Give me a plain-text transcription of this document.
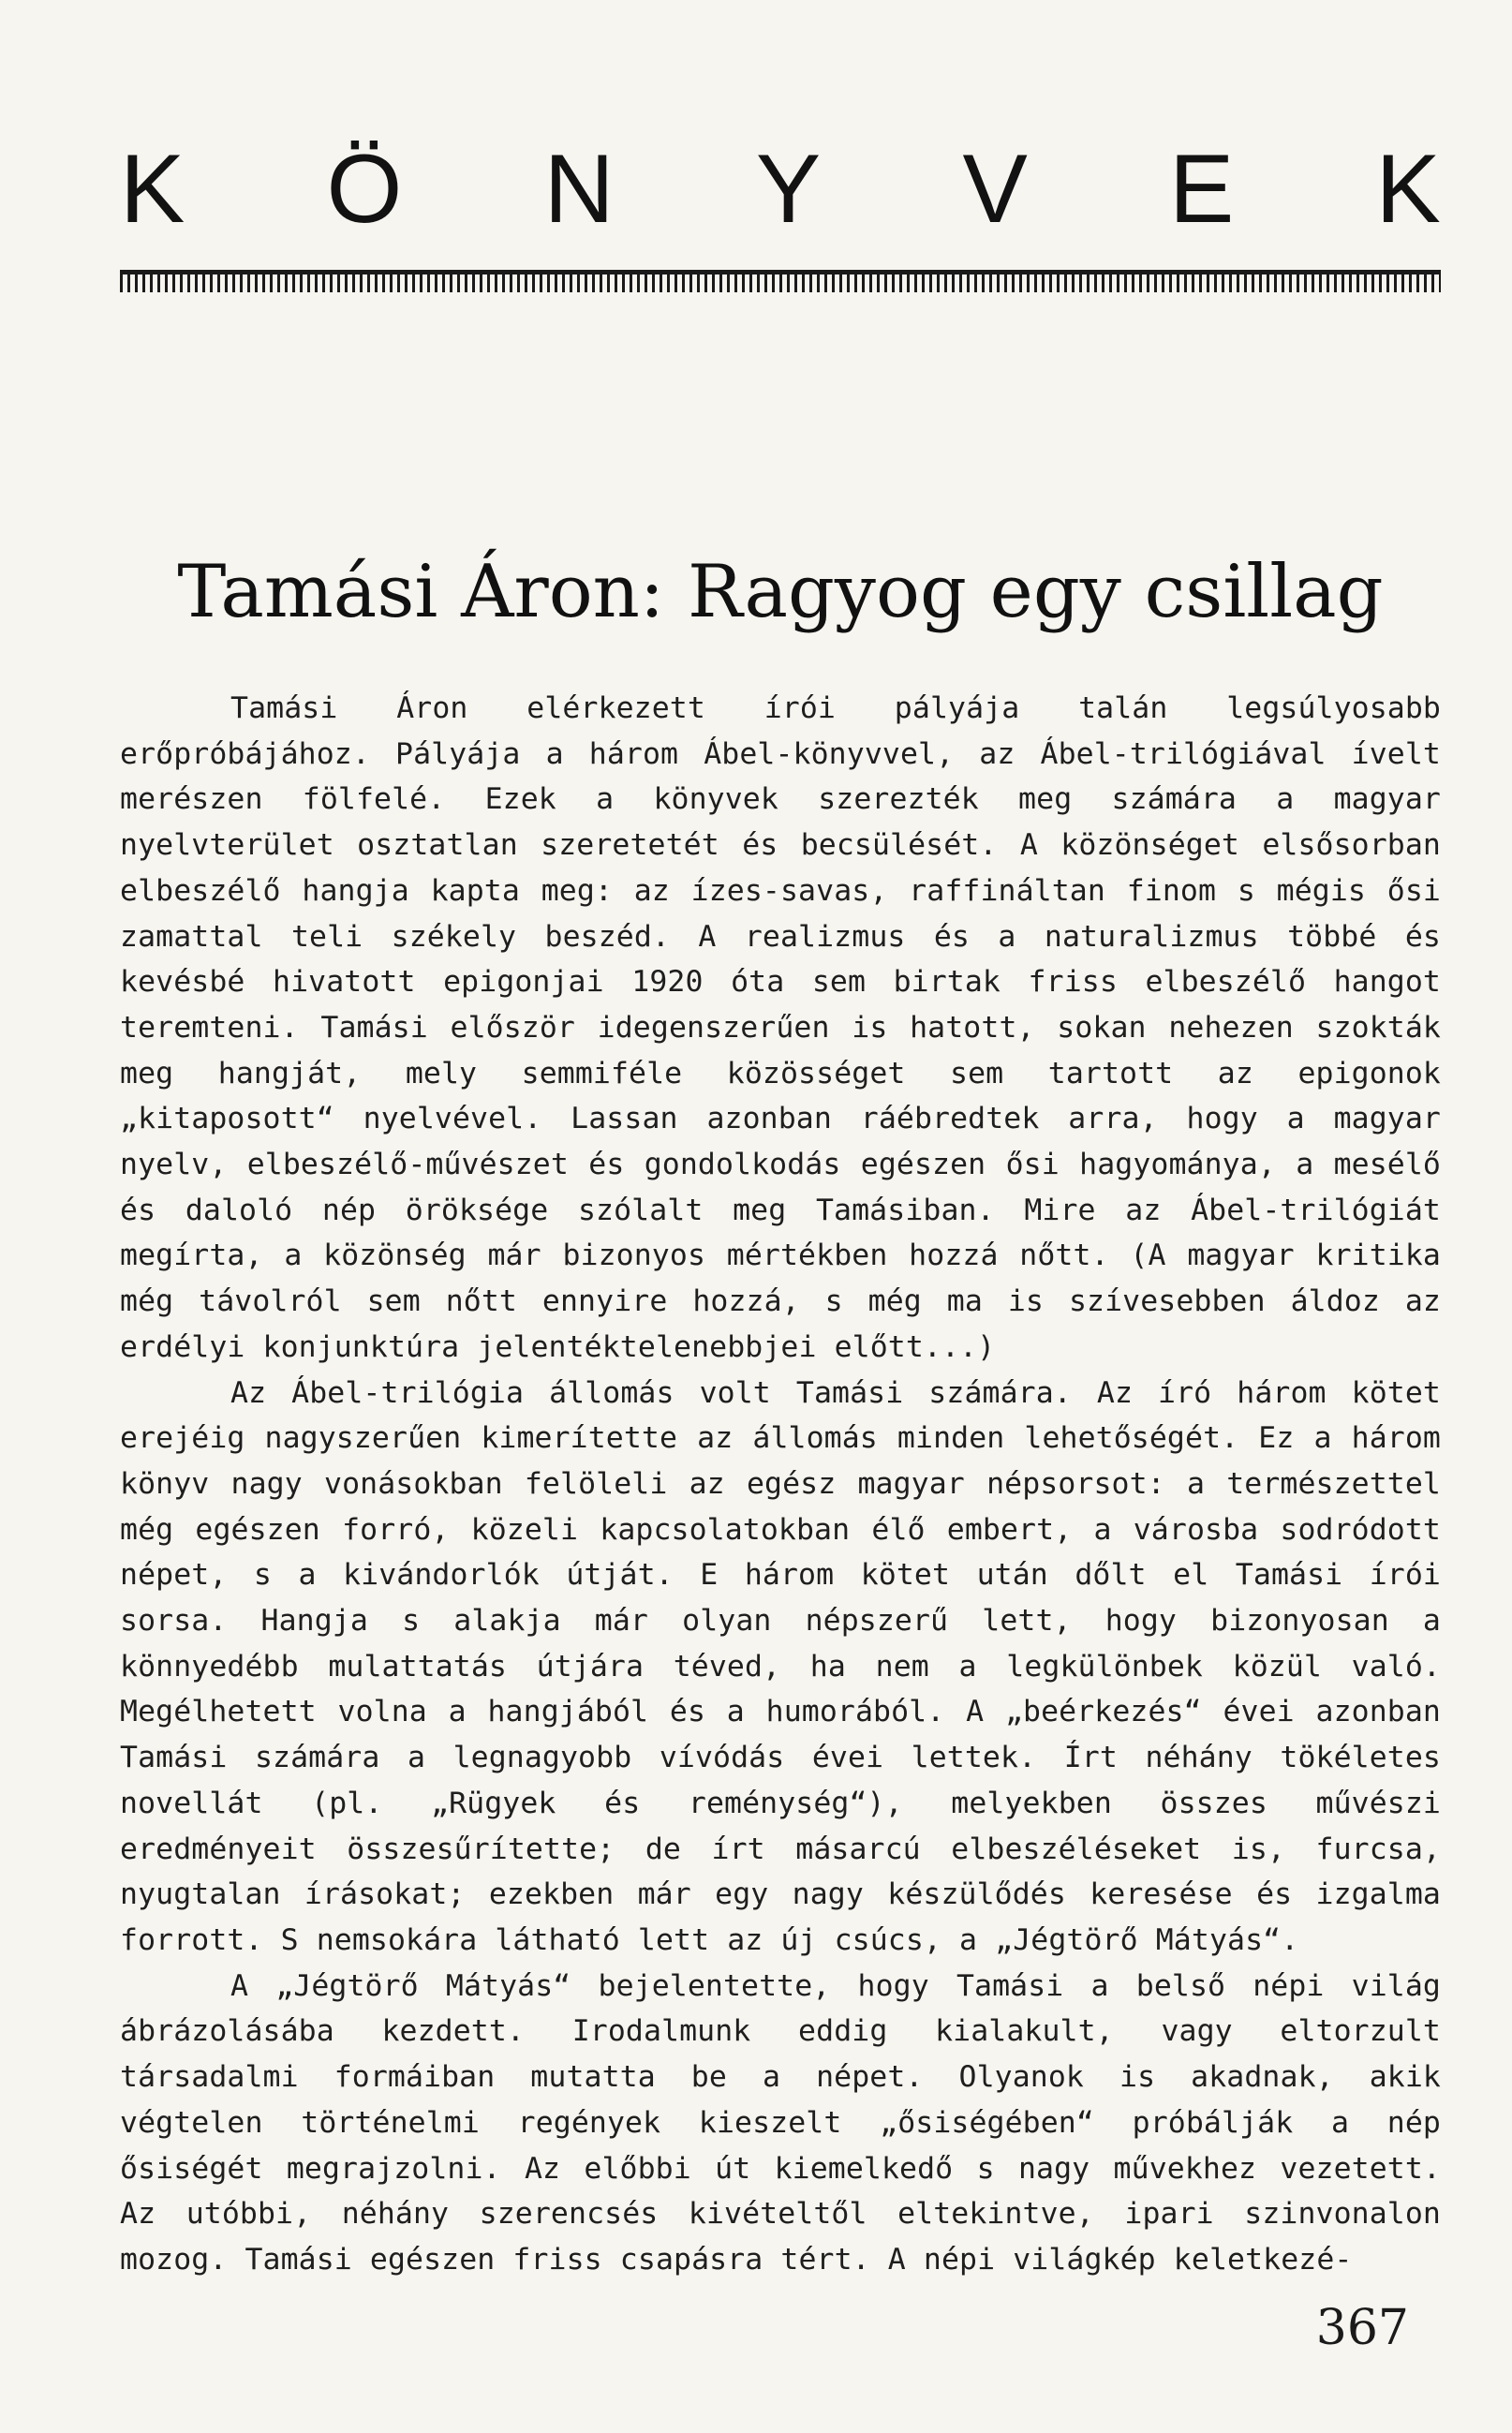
K Ö N Y V E K
Tamási Áron: Ragyog egy csillag

Tamási Áron elérkezett írói pályája talán legsúlyosabb erőpróbájához. Pályája a három Ábel-könyvvel, az Ábel-trilógiával ívelt merészen fölfelé. Ezek a könyvek szerezték meg számára a magyar nyelvterület osztatlan szeretetét és becsülését. A közönséget elsősorban elbeszélő hangja kapta meg: az ízes-savas, raffináltan finom s mégis ősi zamattal teli székely beszéd. A realizmus és a naturalizmus többé és kevésbé hivatott epigonjai 1920 óta sem birtak friss elbeszélő hangot teremteni. Tamási először idegenszerűen is hatott, sokan nehezen szokták meg hangját, mely semmiféle közösséget sem tartott az epigonok „kitaposott“ nyelvével. Lassan azonban ráébredtek arra, hogy a magyar nyelv, elbeszélő-művészet és gondolkodás egészen ősi hagyománya, a mesélő és daloló nép öröksége szólalt meg Tamásiban. Mire az Ábel-trilógiát megírta, a közönség már bizonyos mértékben hozzá nőtt. (A magyar kritika még távolról sem nőtt ennyire hozzá, s még ma is szívesebben áldoz az erdélyi konjunktúra jelentéktelenebbjei előtt...)

Az Ábel-trilógia állomás volt Tamási számára. Az író három kötet erejéig nagyszerűen kimerítette az állomás minden lehetőségét. Ez a három könyv nagy vonásokban felöleli az egész magyar népsorsot: a természettel még egészen forró, közeli kapcsolatokban élő embert, a városba sodródott népet, s a kivándorlók útját. E három kötet után dőlt el Tamási írói sorsa. Hangja s alakja már olyan népszerű lett, hogy bizonyosan a könnyedébb mulattatás útjára téved, ha nem a legkülönbek közül való. Megélhetett volna a hangjából és a humorából. A „beérkezés“ évei azonban Tamási számára a legnagyobb vívódás évei lettek. Írt néhány tökéletes novellát (pl. „Rügyek és reménység“), melyekben összes művészi eredményeit összesűrítette; de írt másarcú elbeszéléseket is, furcsa, nyugtalan írásokat; ezekben már egy nagy készülődés keresése és izgalma forrott. S nemsokára látható lett az új csúcs, a „Jégtörő Mátyás“.

A „Jégtörő Mátyás“ bejelentette, hogy Tamási a belső népi világ ábrázolásába kezdett. Irodalmunk eddig kialakult, vagy eltorzult társadalmi formáiban mutatta be a népet. Olyanok is akadnak, akik végtelen történelmi regények kieszelt „ősiségében“ próbálják a nép ősiségét megrajzolni. Az előbbi út kiemelkedő s nagy művekhez vezetett. Az utóbbi, néhány szerencsés kivételtől eltekintve, ipari szinvonalon mozog. Tamási egészen friss csapásra tért. A népi világkép keletkezé-

367
